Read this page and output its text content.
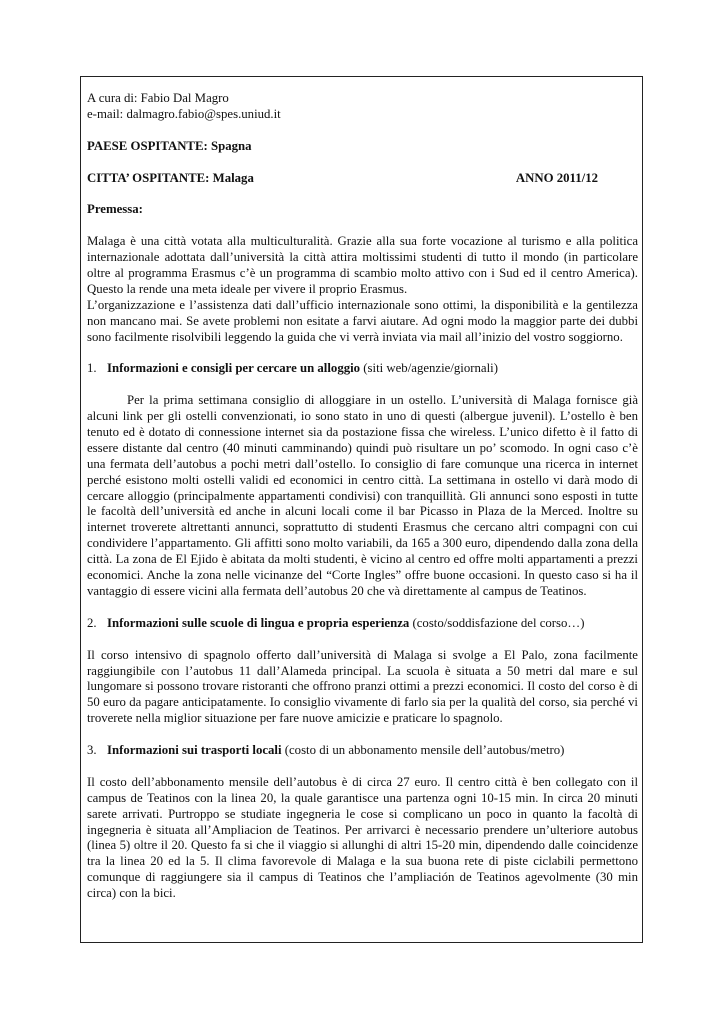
A cura di: Fabio Dal Magro

e-mail: dalmagro.fabio@spes.uniud.it

PAESE OSPITANTE: Spagna

CITTA’ OSPITANTE: Malaga	ANNO 2011/12

Premessa:

Malaga è una città votata alla multiculturalità. Grazie alla sua forte vocazione al turismo e alla politica internazionale adottata dall’università la città attira moltissimi studenti di tutto il mondo (in particolare oltre al programma Erasmus c’è un programma di scambio molto attivo con i Sud ed il centro America). Questo la rende una meta ideale per vivere il proprio Erasmus.

L’organizzazione e l’assistenza dati dall’ufficio internazionale sono ottimi, la disponibilità e la gentilezza non mancano mai. Se avete problemi non esitate a farvi aiutare. Ad ogni modo la maggior parte dei dubbi sono facilmente risolvibili leggendo la guida che vi verrà inviata via mail all’inizio del vostro soggiorno.

1. Informazioni e consigli per cercare un alloggio (siti web/agenzie/giornali)

Per la prima settimana consiglio di alloggiare in un ostello. L’università di Malaga fornisce già alcuni link per gli ostelli convenzionati, io sono stato in uno di questi (albergue juvenil). L’ostello è ben tenuto ed è dotato di connessione internet sia da postazione fissa che wireless. L’unico difetto è il fatto di essere distante dal centro (40 minuti camminando) quindi può risultare un po’ scomodo. In ogni caso c’è una fermata dell’autobus a pochi metri dall’ostello. Io consiglio di fare comunque una ricerca in internet perché esistono molti ostelli validi ed economici in centro città. La settimana in ostello vi darà modo di cercare alloggio (principalmente appartamenti condivisi) con tranquillità. Gli annunci sono esposti in tutte le facoltà dell’università ed anche in alcuni locali come il bar Picasso in Plaza de la Merced. Inoltre su internet troverete altrettanti annunci, soprattutto di studenti Erasmus che cercano altri compagni con cui condividere l’appartamento. Gli affitti sono molto variabili, da 165 a 300 euro, dipendendo dalla zona della città. La zona de El Ejido è abitata da molti studenti, è vicino al centro ed offre molti appartamenti a prezzi economici. Anche la zona nelle vicinanze del “Corte Ingles” offre buone occasioni. In questo caso si ha il vantaggio di essere vicini alla fermata dell’autobus 20 che và direttamente al campus de Teatinos.

2. Informazioni sulle scuole di lingua e propria esperienza (costo/soddisfazione del corso…)

Il corso intensivo di spagnolo offerto dall’università di Malaga si svolge a El Palo, zona facilmente raggiungibile con l’autobus 11 dall’Alameda principal. La scuola è situata a 50 metri dal mare e sul lungomare si possono trovare ristoranti che offrono pranzi ottimi a prezzi economici. Il costo del corso è di 50 euro da pagare anticipatamente. Io consiglio vivamente di farlo sia per la qualità del corso, sia perché vi troverete nella miglior situazione per fare nuove amicizie e praticare lo spagnolo.

3. Informazioni sui trasporti locali (costo di un abbonamento mensile dell’autobus/metro)

Il costo dell’abbonamento mensile dell’autobus è di circa 27 euro. Il centro città è ben collegato con il campus de Teatinos con la linea 20, la quale garantisce una partenza ogni 10-15 min. In circa 20 minuti sarete arrivati. Purtroppo se studiate ingegneria le cose si complicano un poco in quanto la facoltà di ingegneria è situata all’Ampliacion de Teatinos. Per arrivarci è necessario prendere un’ulteriore autobus (linea 5) oltre il 20. Questo fa si che il viaggio si allunghi di altri 15-20 min, dipendendo dalle coincidenze tra la linea 20 ed la 5. Il clima favorevole di Malaga e la sua buona rete di piste ciclabili permettono comunque di raggiungere sia il campus di Teatinos che l’ampliación de Teatinos agevolmente (30 min circa) con la bici.
